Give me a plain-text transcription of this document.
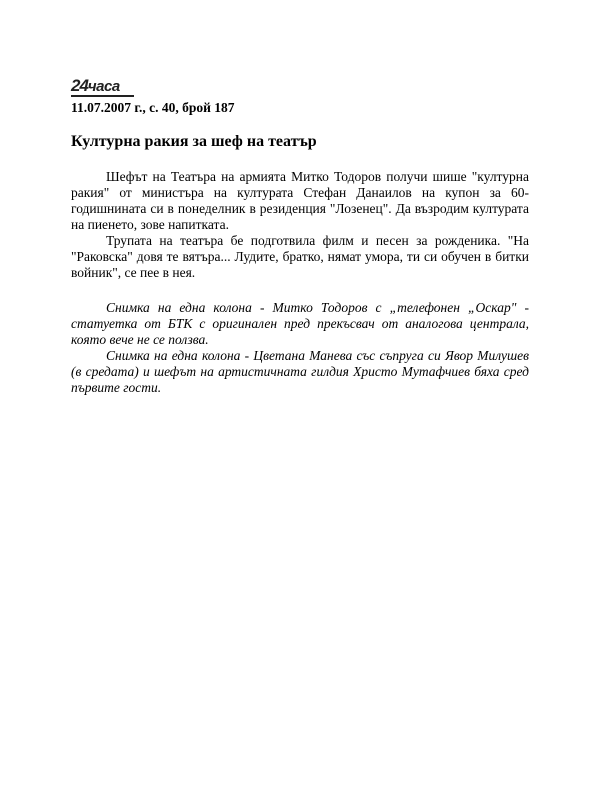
24часа
11.07.2007 г., с. 40, брой 187
Културна ракия за шеф на театър

Шефът на Театъра на армията Митко Тодоров получи шише "културна ракия" от министъра на културата Стефан Данаилов на купон за 60-годишнината си в понеделник в резиденция "Лозенец". Да възродим културата на пиенето, зове напитката.

Трупата на театъра бе подготвила филм и песен за рожденика. "На "Раковска" довя те вятъра... Лудите, братко, нямат умора, ти си обучен в битки войник", се пее в нея.

Снимка на една колона - Митко Тодоров с „телефонен „Оскар" - статуетка от БТК с оригинален пред прекъсвач от аналогова централа, която вече не се ползва.

Снимка на една колона - Цветана Манева със съпруга си Явор Милушев (в средата) и шефът на артистичната гилдия Христо Мутафчиев бяха сред първите гости.
